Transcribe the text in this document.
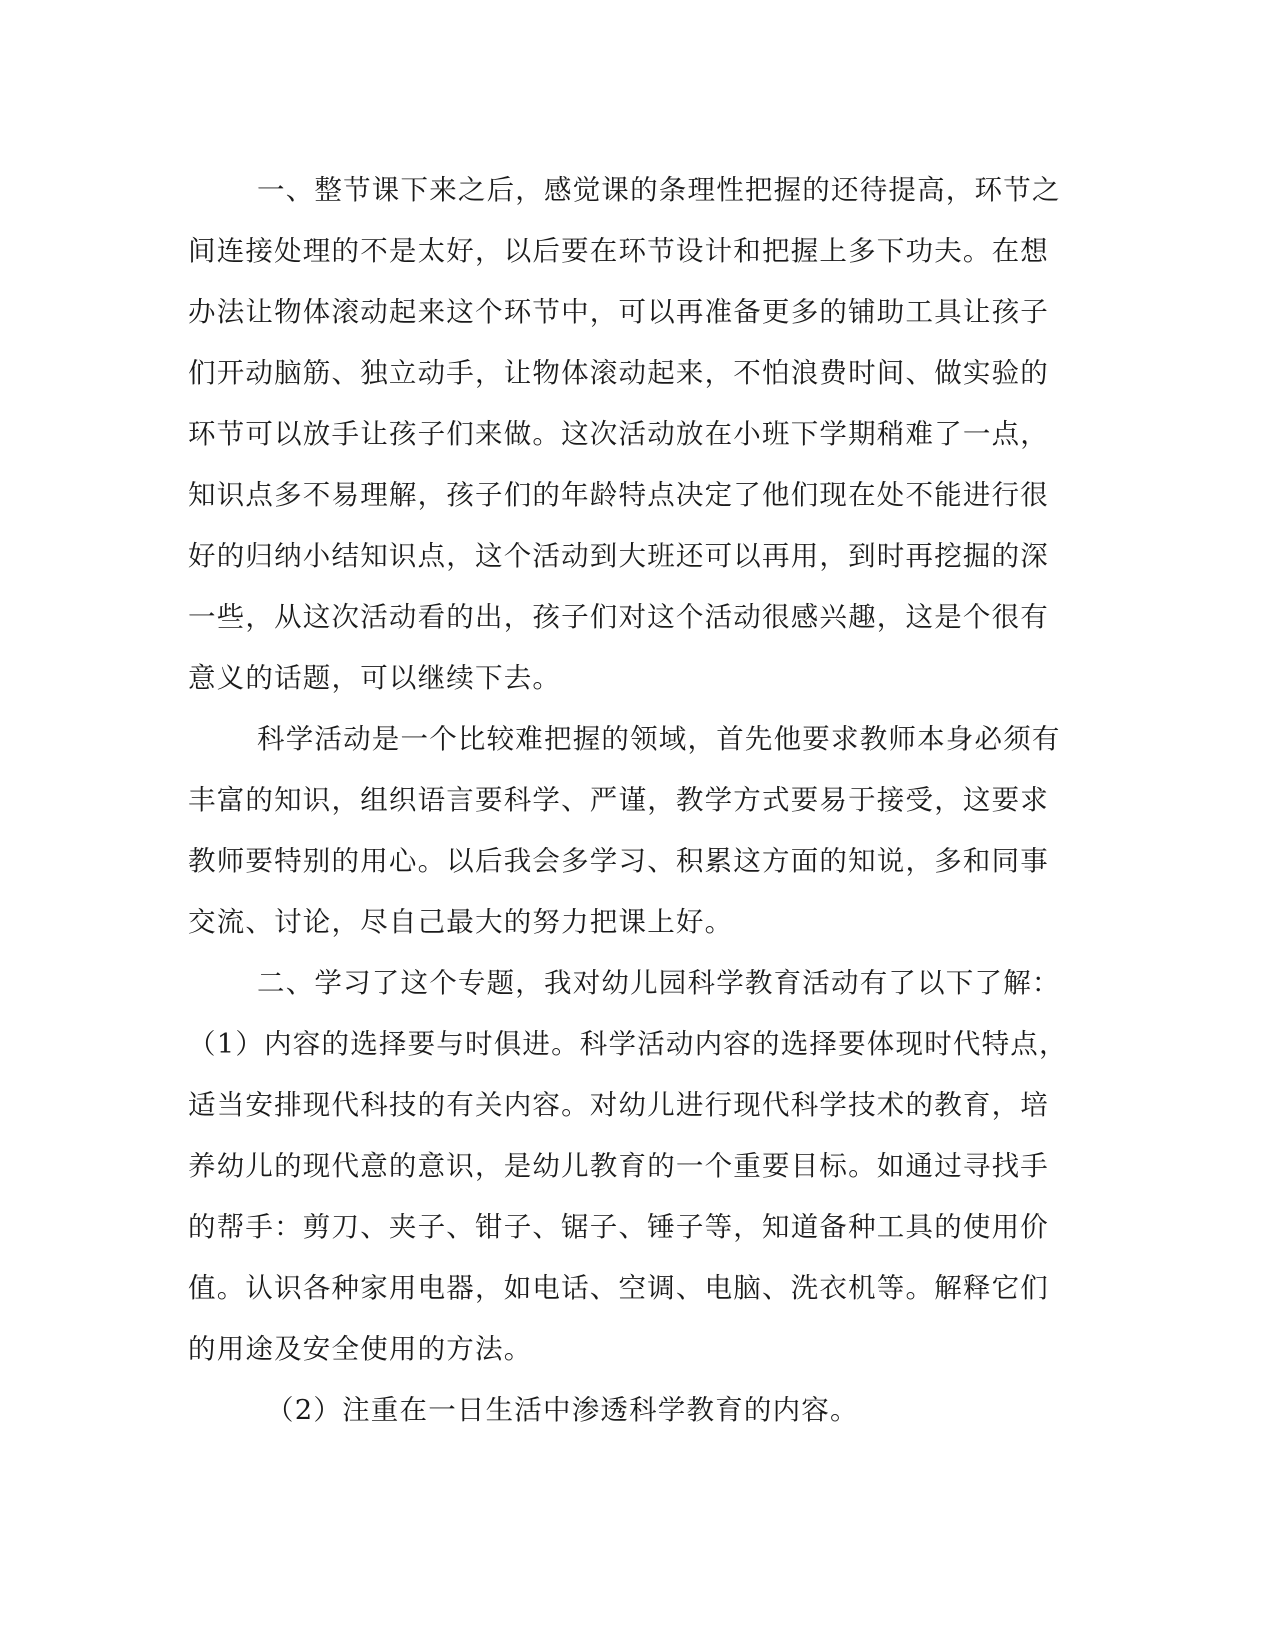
一、整节课下来之后，感觉课的条理性把握的还待提高，环节之
间连接处理的不是太好，以后要在环节设计和把握上多下功夫。在想
办法让物体滚动起来这个环节中，可以再准备更多的铺助工具让孩子
们开动脑筋、独立动手，让物体滚动起来，不怕浪费时间、做实验的
环节可以放手让孩子们来做。这次活动放在小班下学期稍难了一点，
知识点多不易理解，孩子们的年龄特点决定了他们现在处不能进行很
好的归纳小结知识点，这个活动到大班还可以再用，到时再挖掘的深
一些，从这次活动看的出，孩子们对这个活动很感兴趣，这是个很有
意义的话题，可以继续下去。
科学活动是一个比较难把握的领域，首先他要求教师本身必须有
丰富的知识，组织语言要科学、严谨，教学方式要易于接受，这要求
教师要特别的用心。以后我会多学习、积累这方面的知说，多和同事
交流、讨论，尽自己最大的努力把课上好。
二、学习了这个专题，我对幼儿园科学教育活动有了以下了解：
（1）内容的选择要与时俱进。科学活动内容的选择要体现时代特点，
适当安排现代科技的有关内容。对幼儿进行现代科学技术的教育，培
养幼儿的现代意的意识，是幼儿教育的一个重要目标。如通过寻找手
的帮手：剪刀、夹子、钳子、锯子、锤子等，知道备种工具的使用价
值。认识各种家用电器，如电话、空调、电脑、洗衣机等。解释它们
的用途及安全使用的方法。
（2）注重在一日生活中渗透科学教育的内容。
